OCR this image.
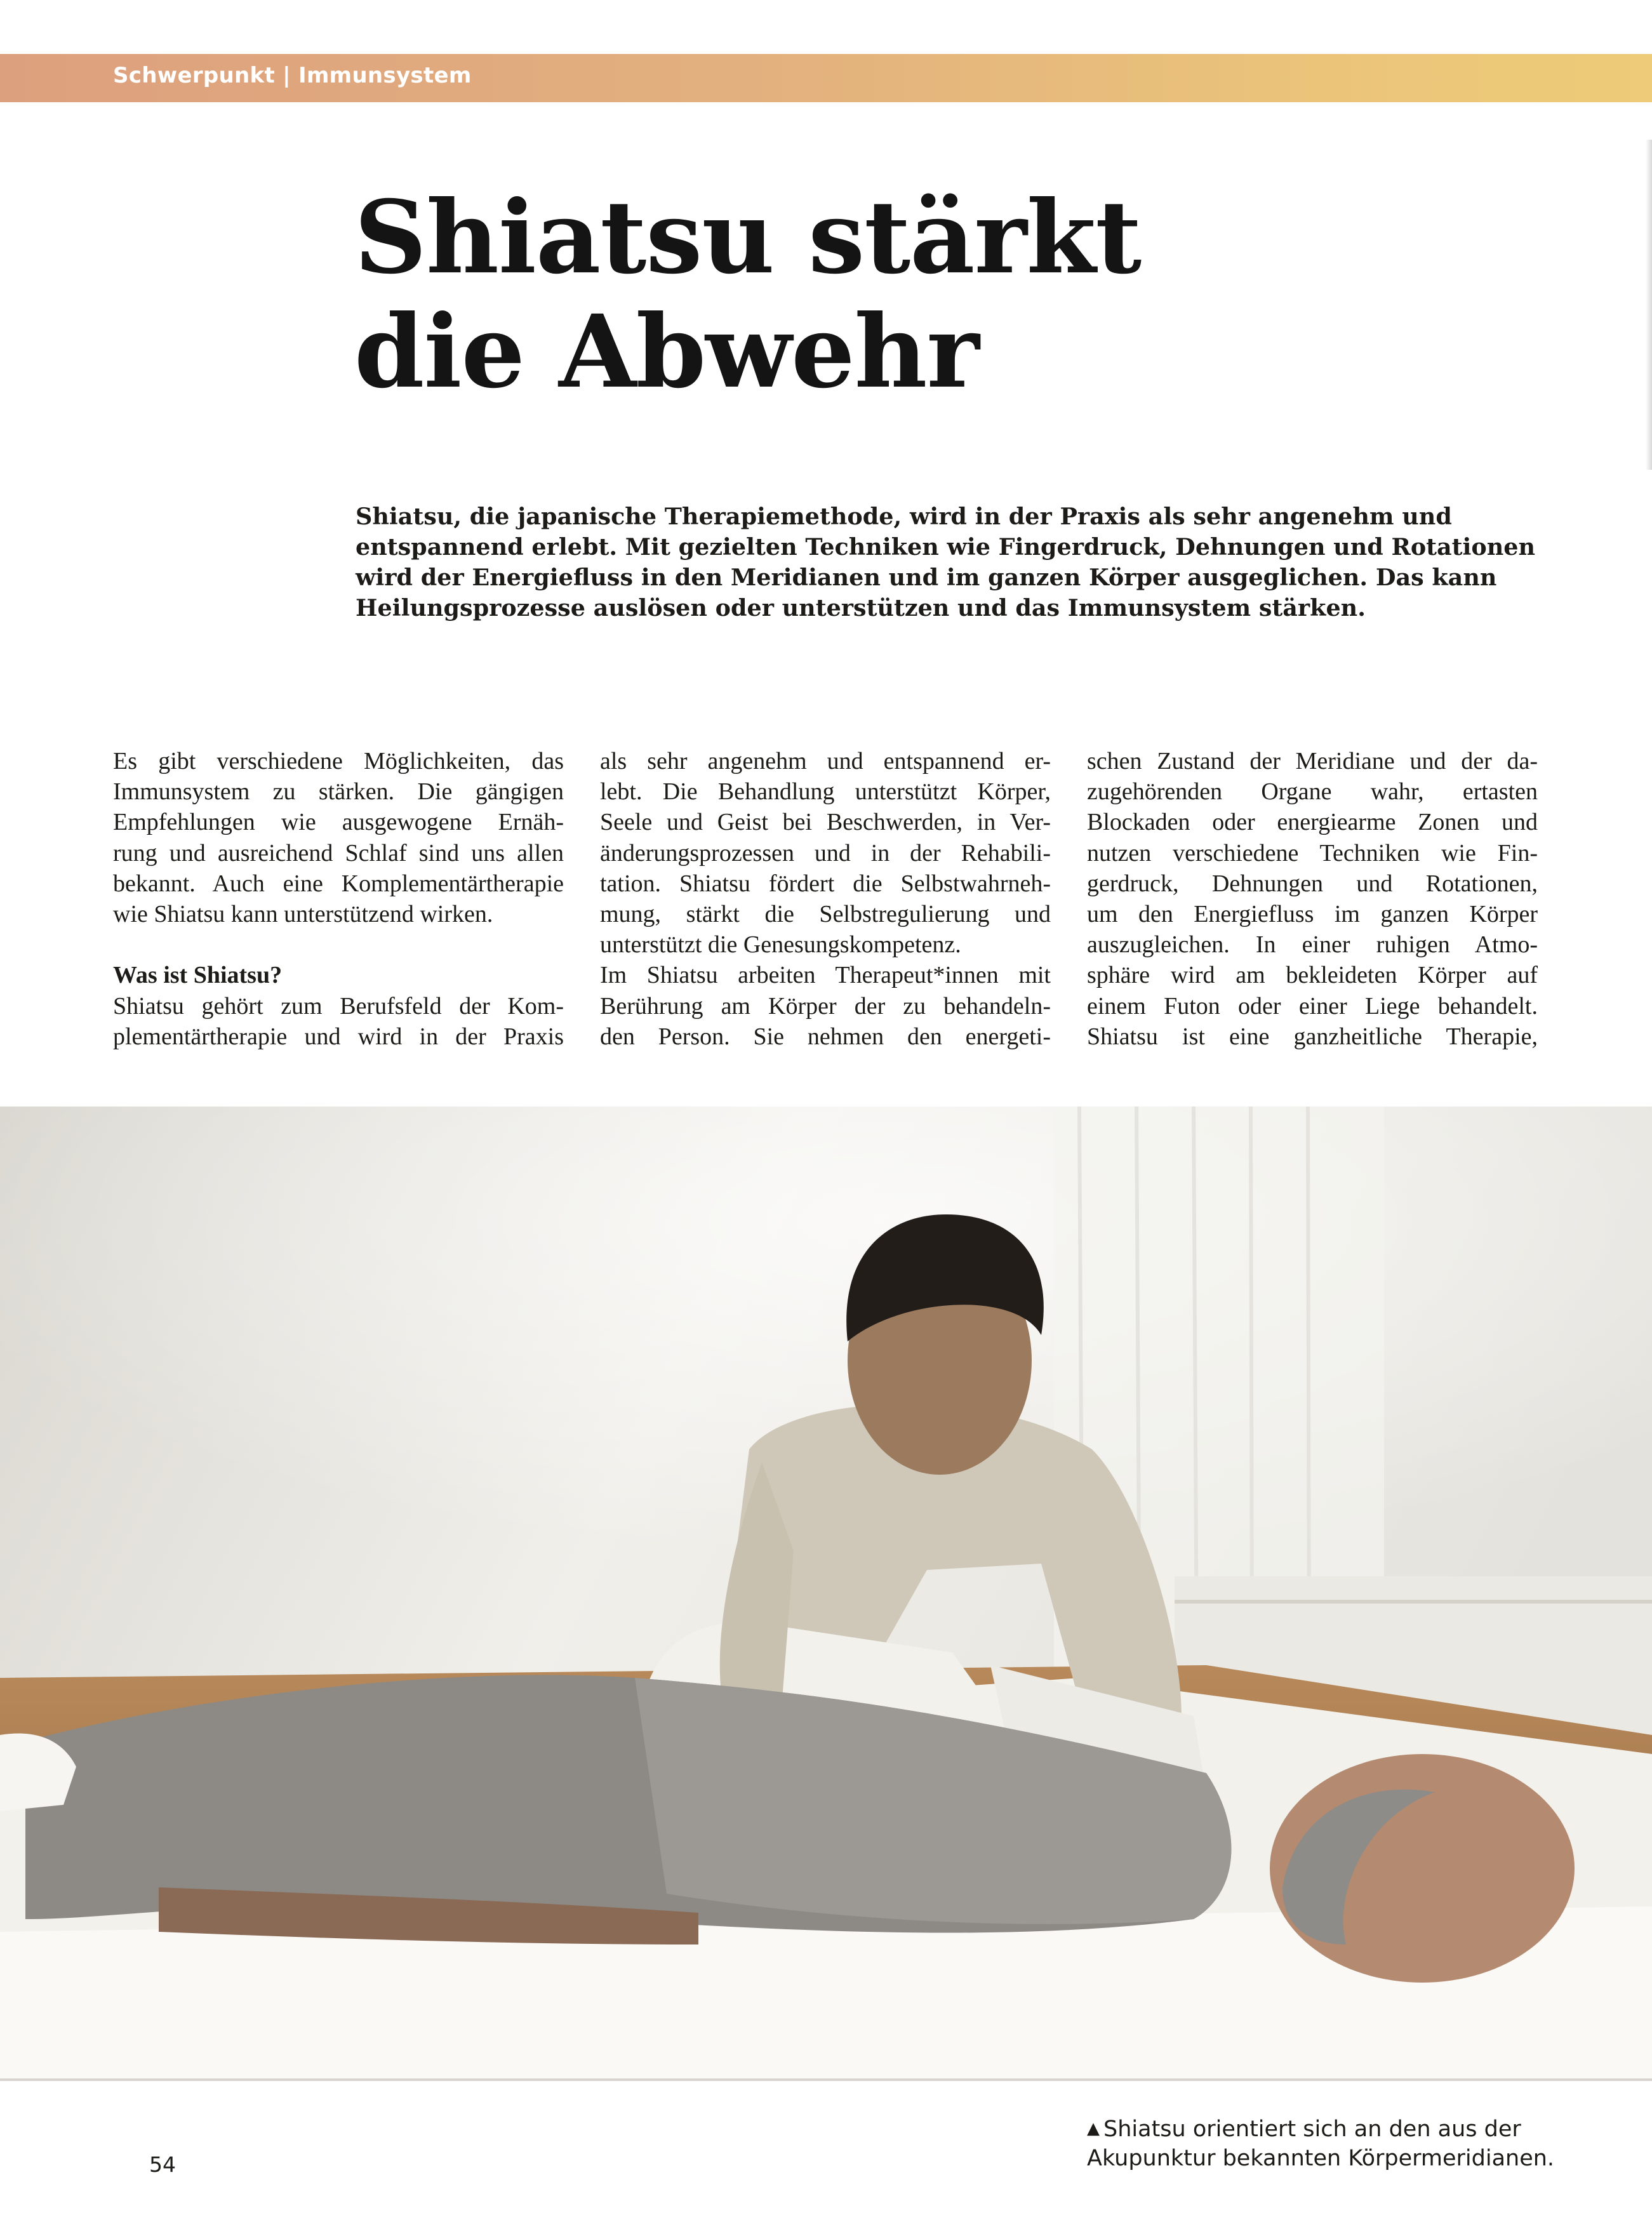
Schwerpunkt | Immunsystem
Shiatsu stärkt
die Abwehr
Shiatsu, die japanische Therapiemethode, wird in der Praxis als sehr angenehm und
entspannend erlebt. Mit gezielten Techniken wie Fingerdruck, Dehnungen und Rotationen
wird der Energiefluss in den Meridianen und im ganzen Körper ausgeglichen. Das kann
Heilungsprozesse auslösen oder unterstützen und das Immunsystem stärken.
Es gibt verschiedene Möglichkeiten, das
Immunsystem zu stärken. Die gängigen
Empfehlungen wie ausgewogene Ernäh-
rung und ausreichend Schlaf sind uns allen
bekannt. Auch eine Komplementärtherapie
wie Shiatsu kann unterstützend wirken.
Was ist Shiatsu?
Shiatsu gehört zum Berufsfeld der Kom-
plementärtherapie und wird in der Praxis
als sehr angenehm und entspannend er-
lebt. Die Behandlung unterstützt Körper,
Seele und Geist bei Beschwerden, in Ver-
änderungsprozessen und in der Rehabili-
tation. Shiatsu fördert die Selbstwahrneh-
mung, stärkt die Selbstregulierung und
unterstützt die Genesungskompetenz.
Im Shiatsu arbeiten Therapeut*innen mit
Berührung am Körper der zu behandeln-
den Person. Sie nehmen den energeti-
schen Zustand der Meridiane und der da-
zugehörenden Organe wahr, ertasten
Blockaden oder energiearme Zonen und
nutzen verschiedene Techniken wie Fin-
gerdruck, Dehnungen und Rotationen,
um den Energiefluss im ganzen Körper
auszugleichen. In einer ruhigen Atmo-
sphäre wird am bekleideten Körper auf
einem Futon oder einer Liege behandelt.
Shiatsu ist eine ganzheitliche Therapie,
54
▲ Shiatsu orientiert sich an den aus der
Akupunktur bekannten Körpermeridianen.
